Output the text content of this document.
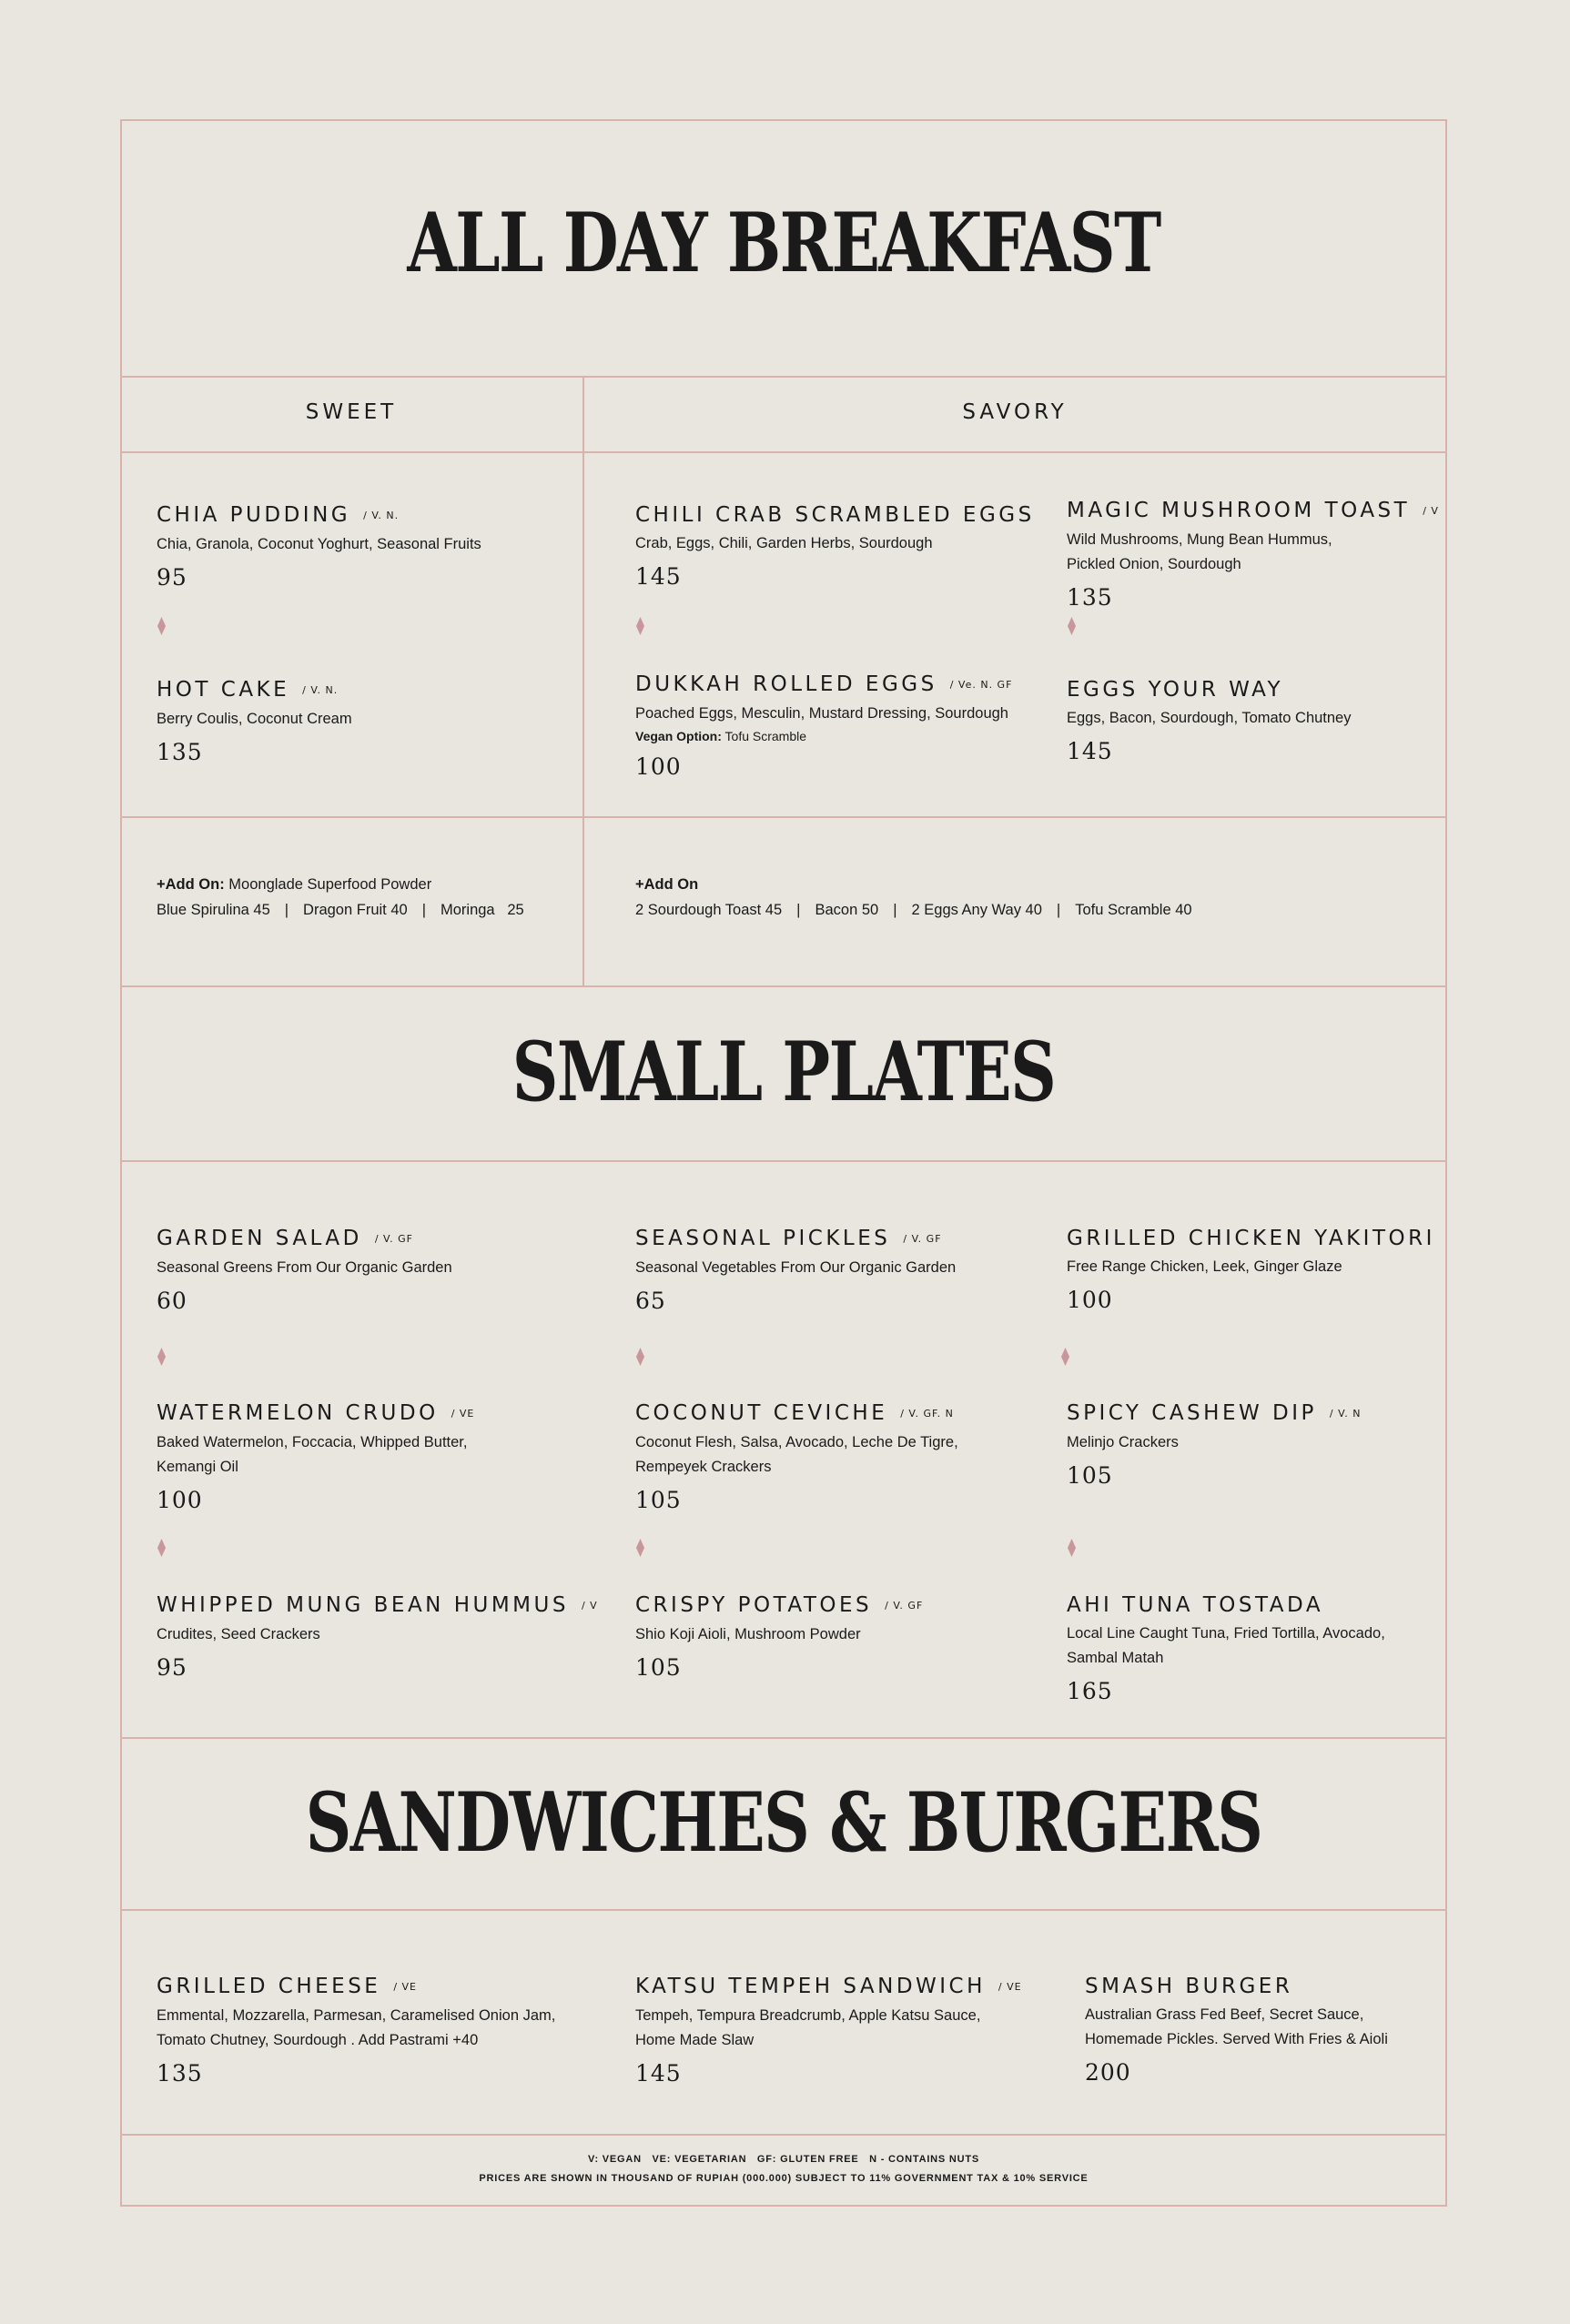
ALL DAY BREAKFAST
SWEET	SAVORY
CHIA PUDDING / V. N.
Chia, Granola, Coconut Yoghurt, Seasonal Fruits
95
HOT CAKE / V. N.
Berry Coulis, Coconut Cream
135
CHILI CRAB SCRAMBLED EGGS
Crab, Eggs, Chili, Garden Herbs, Sourdough
145
DUKKAH ROLLED EGGS / Ve. N. GF
Poached Eggs, Mesculin, Mustard Dressing, Sourdough
Vegan Option: Tofu Scramble
100
MAGIC MUSHROOM TOAST / V
Wild Mushrooms, Mung Bean Hummus, Pickled Onion, Sourdough
135
EGGS YOUR WAY
Eggs, Bacon, Sourdough, Tomato Chutney
145
+Add On: Moonglade Superfood Powder
Blue Spirulina 45 | Dragon Fruit 40 | Moringa   25
+Add On
2 Sourdough Toast 45 | Bacon 50 | 2 Eggs Any Way 40 | Tofu Scramble 40
SMALL PLATES
GARDEN SALAD / V. GF
Seasonal Greens From Our Organic Garden
60
SEASONAL PICKLES / V. GF
Seasonal Vegetables From Our Organic Garden
65
GRILLED CHICKEN YAKITORI
Free Range Chicken, Leek, Ginger Glaze
100
WATERMELON CRUDO / VE
Baked Watermelon, Foccacia, Whipped Butter, Kemangi Oil
100
COCONUT CEVICHE / V. GF. N
Coconut Flesh, Salsa, Avocado, Leche De Tigre, Rempeyek Crackers
105
SPICY CASHEW DIP / V. N
Melinjo Crackers
105
WHIPPED MUNG BEAN HUMMUS / V
Crudites, Seed Crackers
95
CRISPY POTATOES / V. GF
Shio Koji Aioli, Mushroom Powder
105
AHI TUNA TOSTADA
Local Line Caught Tuna, Fried Tortilla, Avocado, Sambal Matah
165
SANDWICHES & BURGERS
GRILLED CHEESE / VE
Emmental, Mozzarella, Parmesan, Caramelised Onion Jam, Tomato Chutney, Sourdough . Add Pastrami +40
135
KATSU TEMPEH SANDWICH / VE
Tempeh, Tempura Breadcrumb, Apple Katsu Sauce, Home Made Slaw
145
SMASH BURGER
Australian Grass Fed Beef, Secret Sauce, Homemade Pickles. Served With Fries & Aioli
200
V: VEGAN   VE: VEGETARIAN   GF: GLUTEN FREE   N - CONTAINS NUTS
PRICES ARE SHOWN IN THOUSAND OF RUPIAH (000.000) SUBJECT TO 11% GOVERNMENT TAX & 10% SERVICE
